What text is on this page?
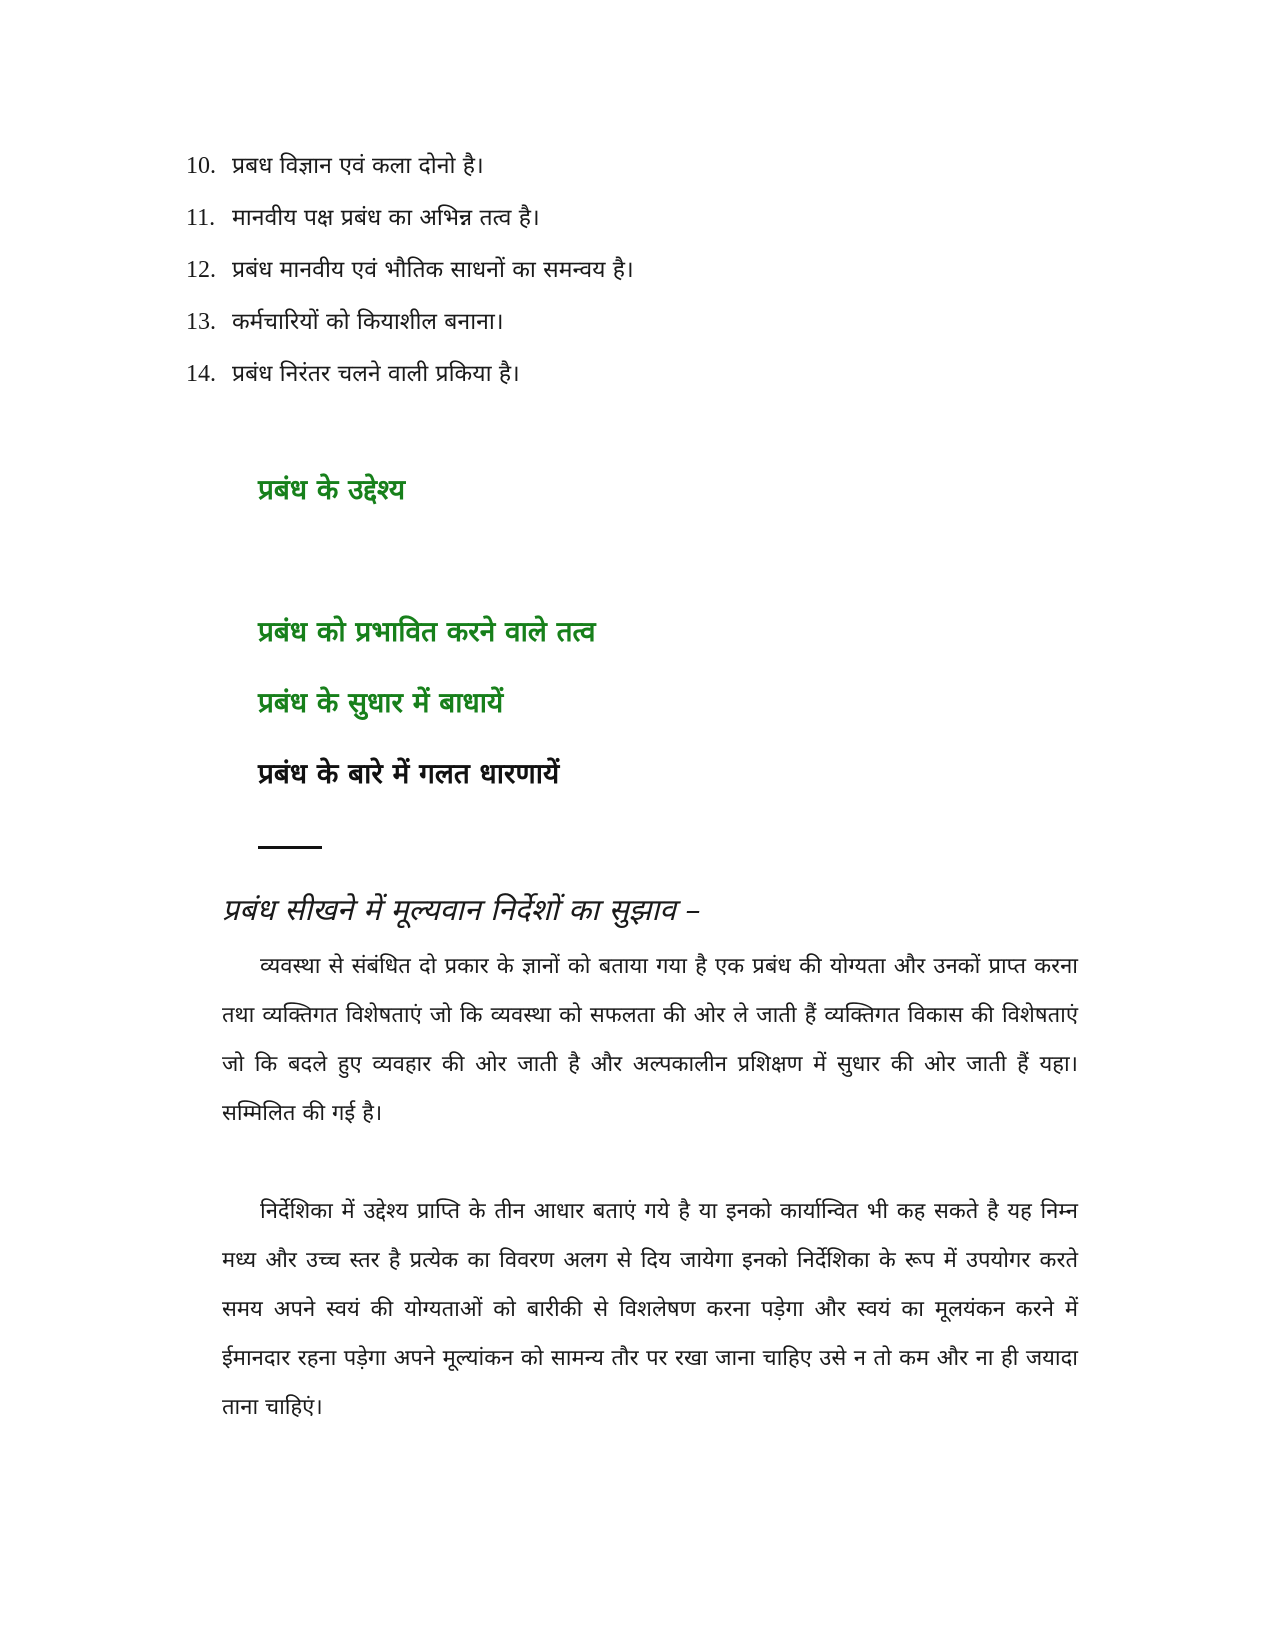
10. प्रबध विज्ञान एवं कला दोनो है।
11. मानवीय पक्ष प्रबंध का अभिन्न तत्व है।
12. प्रबंध मानवीय एवं भौतिक साधनों का समन्वय है।
13. कर्मचारियों को कियाशील बनाना।
14. प्रबंध निरंतर चलने वाली प्रकिया है।
प्रबंध के उद्देश्य
प्रबंध को प्रभावित करने वाले तत्व
प्रबंध के सुधार में बाधायें
प्रबंध के बारे में गलत धारणायें
प्रबंध सीखने में मूल्यवान निर्देशों का सुझाव –

व्यवस्था से संबंधित दो प्रकार के ज्ञानों को बताया गया है एक प्रबंध की योग्यता और उनकों प्राप्त करना तथा व्यक्तिगत विशेषताएं जो कि व्यवस्था को सफलता की ओर ले जाती हैं व्यक्तिगत विकास की विशेषताएं जो कि बदले हुए व्यवहार की ओर जाती है और अल्पकालीन प्रशिक्षण में सुधार की ओर जाती हैं यहा। सम्मिलित की गई है।

निर्देशिका में उद्देश्य प्राप्ति के तीन आधार बताएं गये है या इनको कार्यान्वित भी कह सकते है यह निम्न मध्य और उच्च स्तर है प्रत्येक का विवरण अलग से दिय जायेगा इनको निर्देशिका के रूप में उपयोगर करते समय अपने स्वयं की योग्यताओं को बारीकी से विशलेषण करना पड़ेगा और स्वयं का मूलयंकन करने में ईमानदार रहना पड़ेगा अपने मूल्यांकन को सामन्य तौर पर रखा जाना चाहिए उसे न तो कम और ना ही जयादा ताना चाहिएं।
